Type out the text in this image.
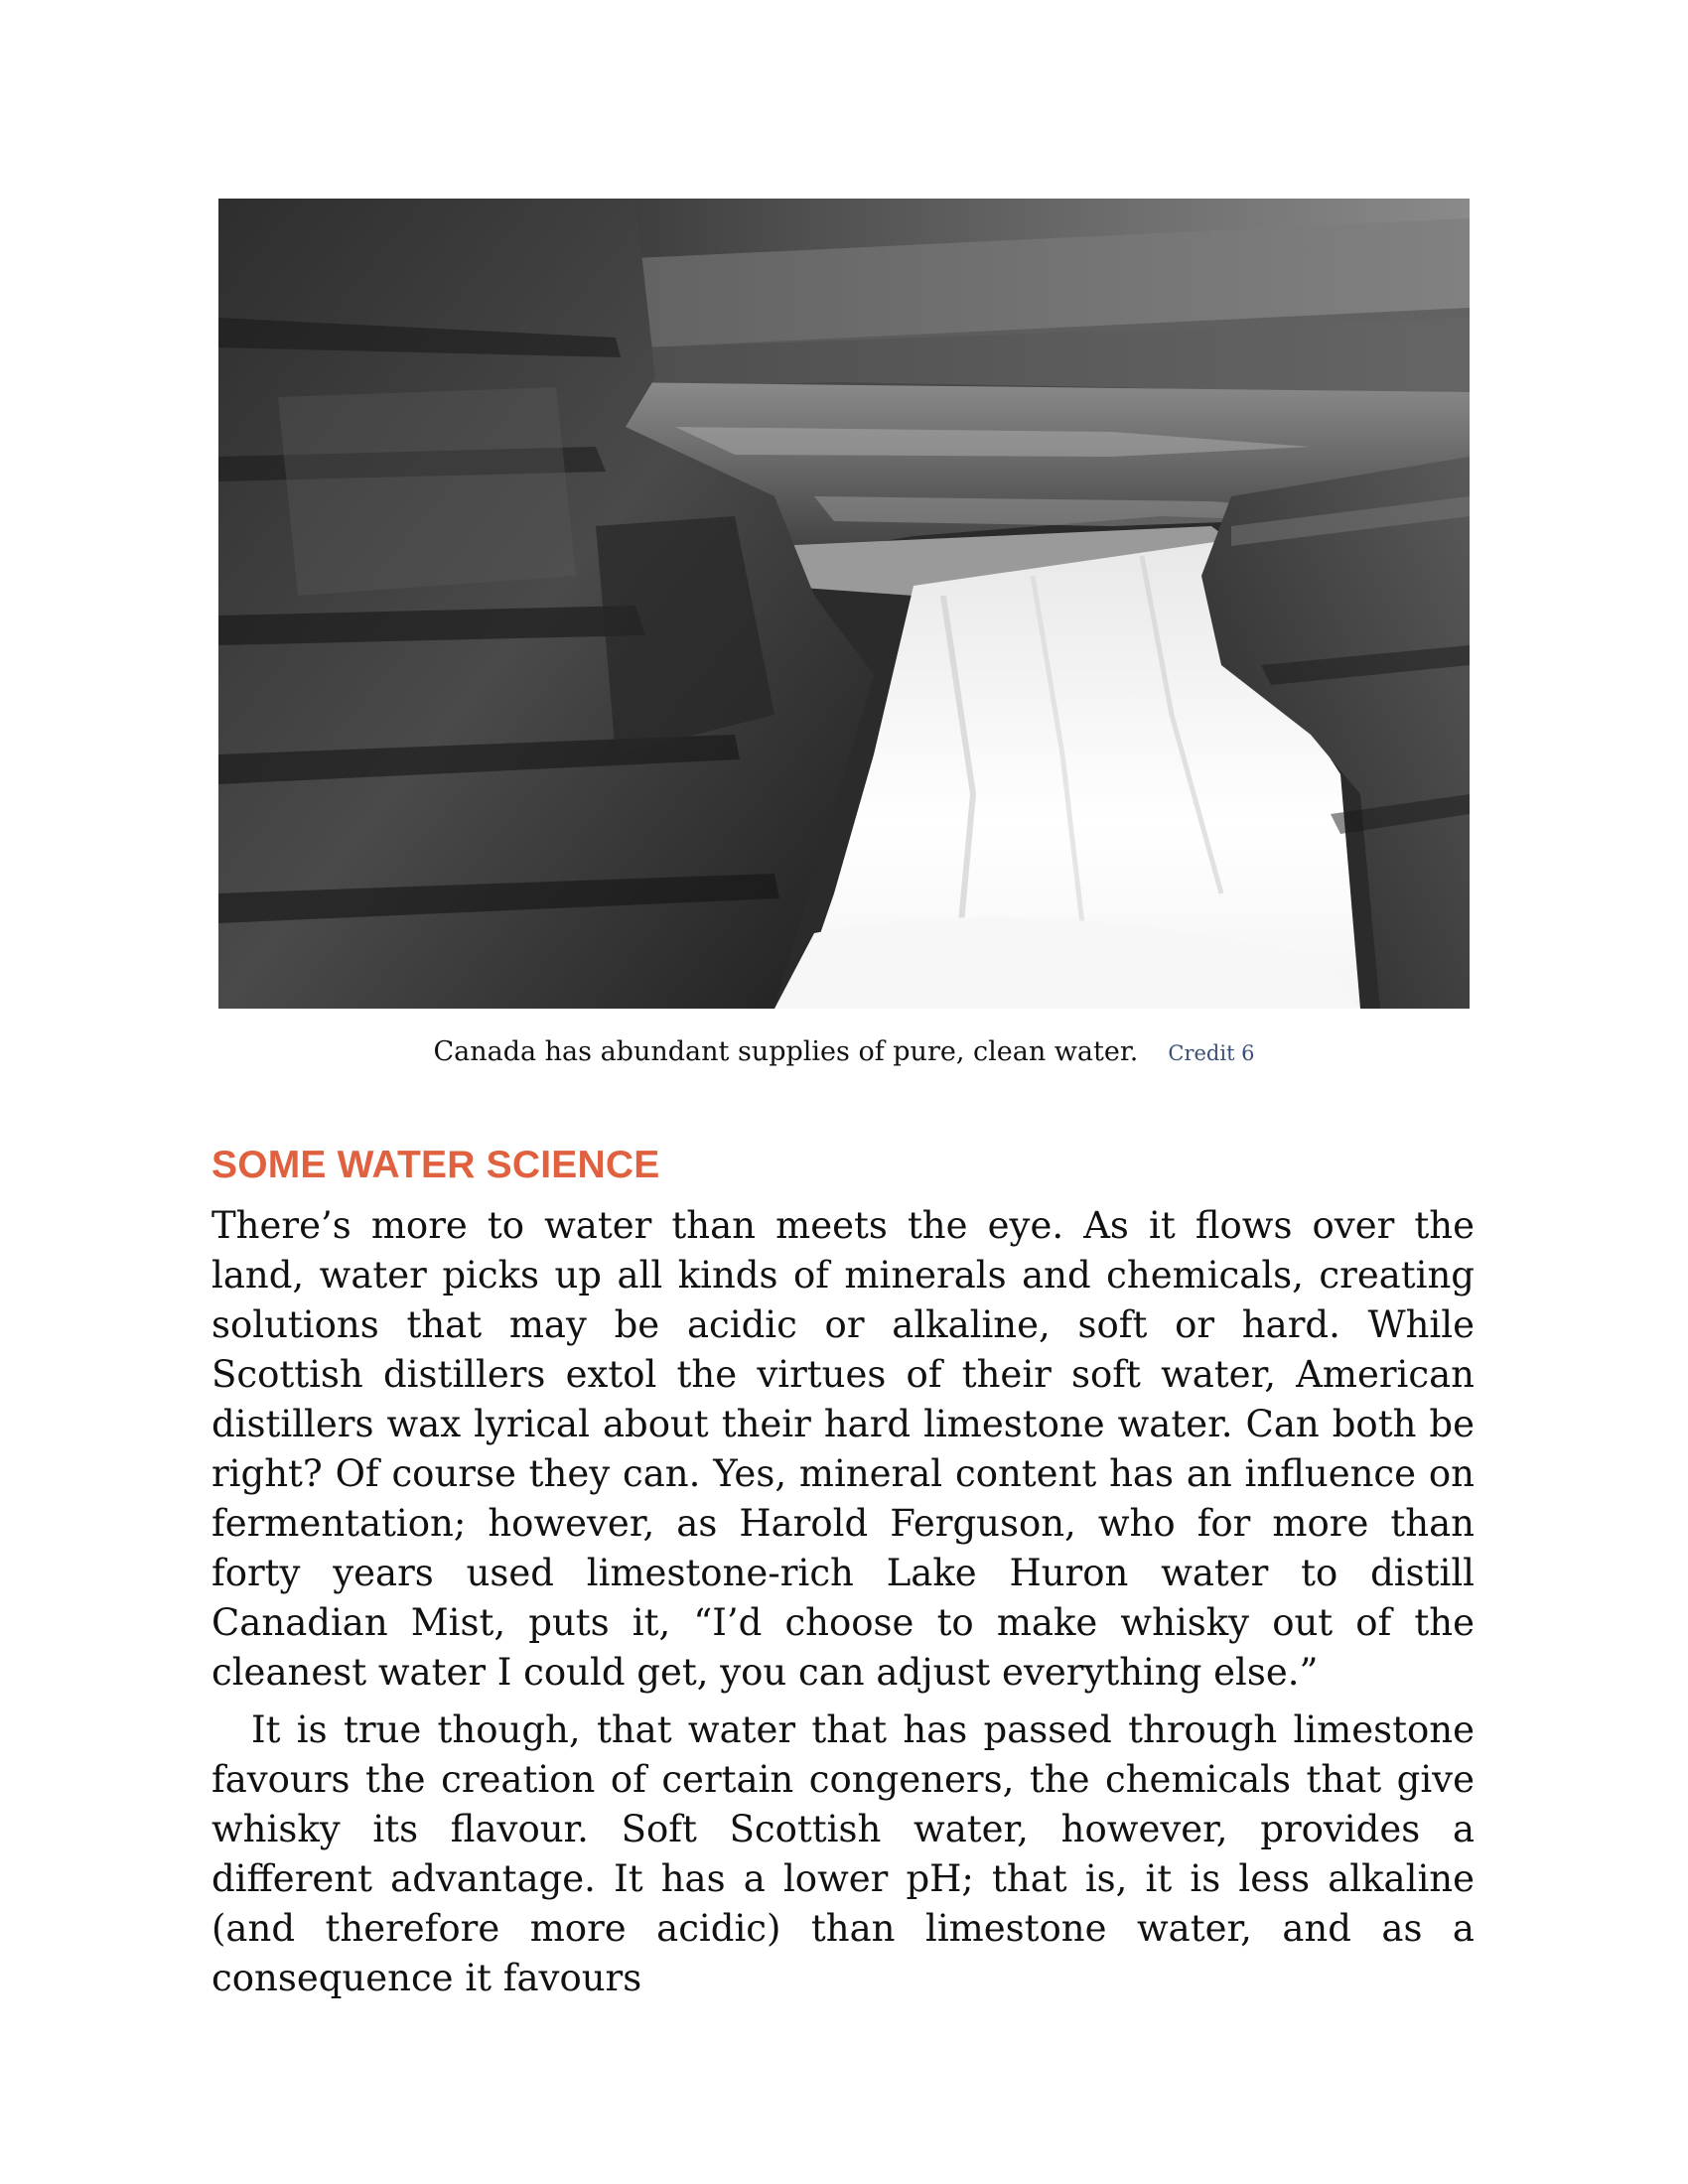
Canada has abundant supplies of pure, clean water. Credit 6
SOME WATER SCIENCE

There’s more to water than meets the eye. As it flows over the land, water picks up all kinds of minerals and chemicals, creating solutions that may be acidic or alkaline, soft or hard. While Scottish distillers extol the virtues of their soft water, American distillers wax lyrical about their hard limestone water. Can both be right? Of course they can. Yes, mineral content has an influence on fermentation; however, as Harold Ferguson, who for more than forty years used limestone-rich Lake Huron water to distill Canadian Mist, puts it, “I’d choose to make whisky out of the cleanest water I could get, you can adjust everything else.”

It is true though, that water that has passed through limestone favours the creation of certain congeners, the chemicals that give whisky its flavour. Soft Scottish water, however, provides a different advantage. It has a lower pH; that is, it is less alkaline (and therefore more acidic) than limestone water, and as a consequence it favours
